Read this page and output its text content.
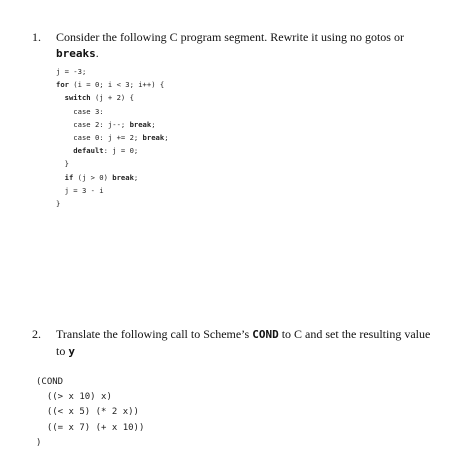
1. Consider the following C program segment. Rewrite it using no gotos or
breaks.
j = -3;
for (i = 0; i < 3; i++) {
switch (j + 2) {
case 3:
case 2: j--; break;
case 0: j += 2; break;
default: j = 0;
}
if (j > 0) break;
j = 3 - i
}
2. Translate the following call to Scheme’s COND to C and set the resulting value
to y
(COND
((> x 10) x)
((< x 5) (* 2 x))
((= x 7) (+ x 10))
)
